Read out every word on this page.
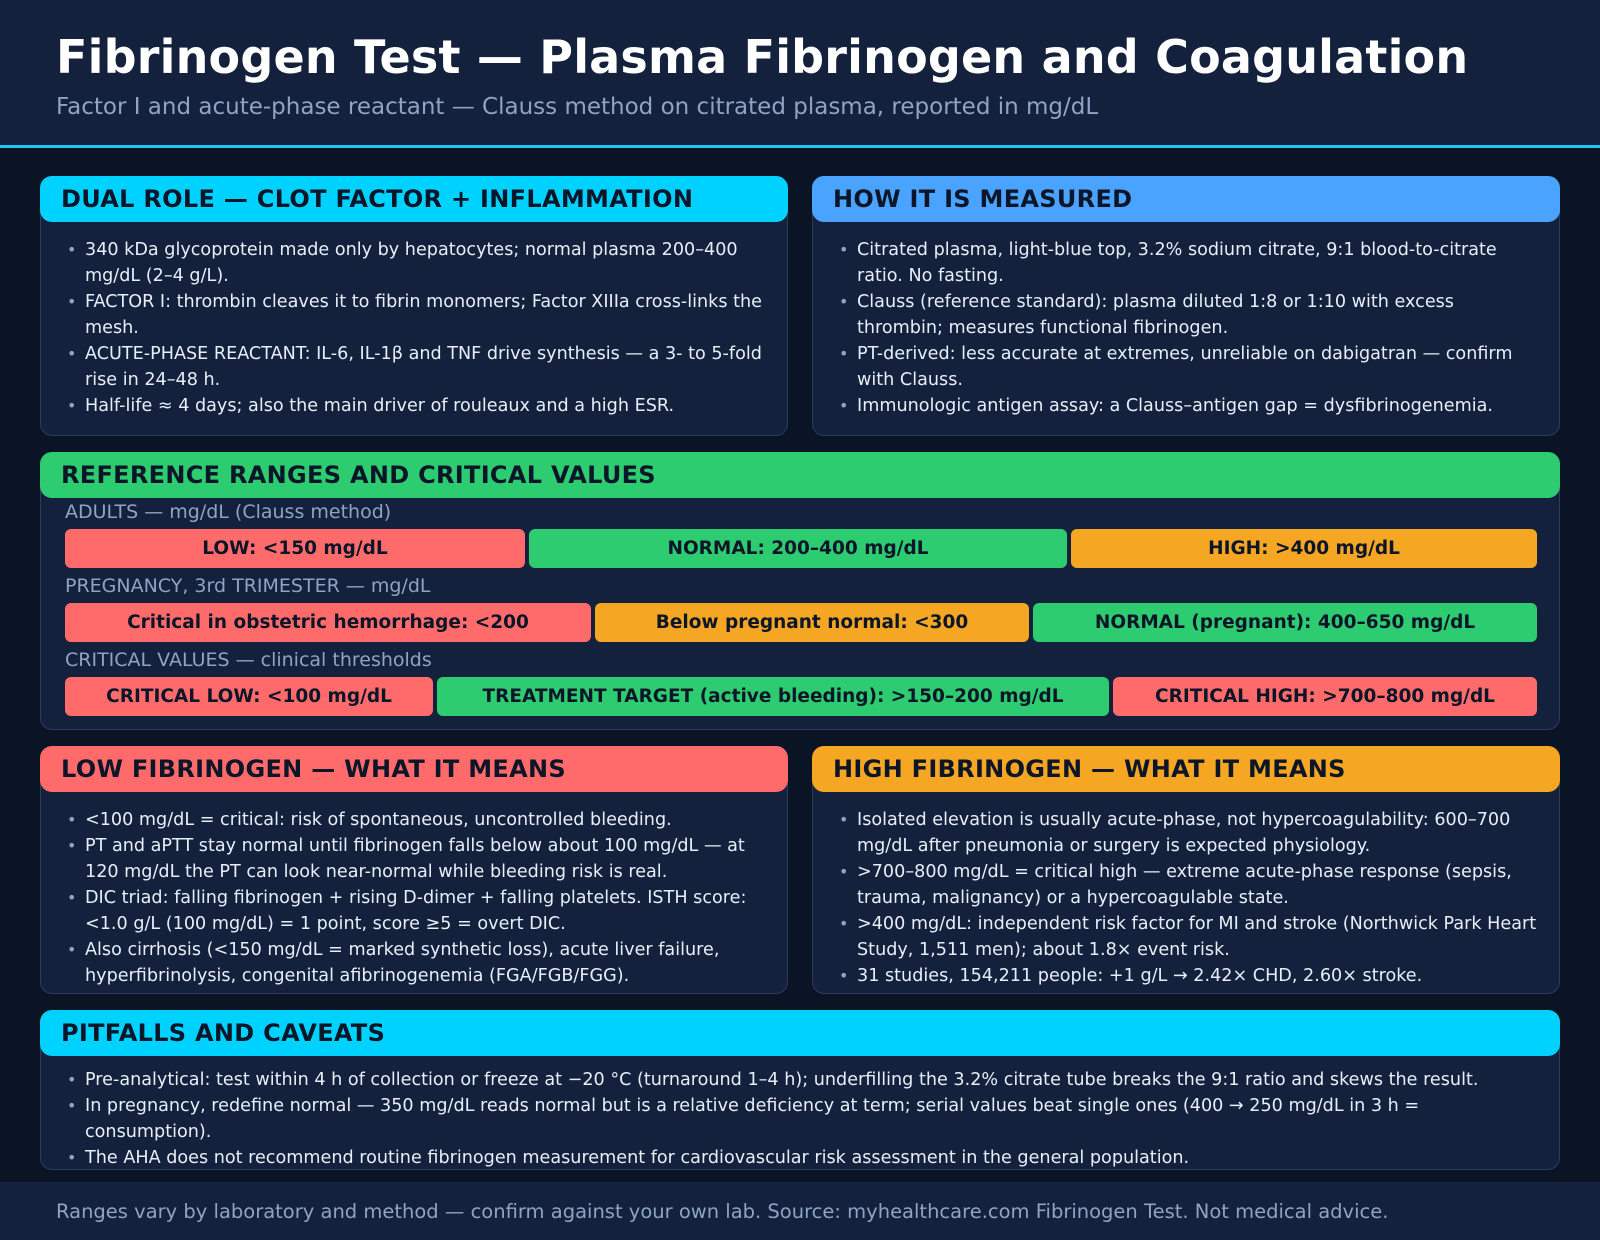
Fibrinogen Test — Plasma Fibrinogen and Coagulation
Factor I and acute-phase reactant — Clauss method on citrated plasma, reported in mg/dL
DUAL ROLE — CLOT FACTOR + INFLAMMATION
• 340 kDa glycoprotein made only by hepatocytes; normal plasma 200–400 mg/dL (2–4 g/L).
• FACTOR I: thrombin cleaves it to fibrin monomers; Factor XIIIa cross-links the mesh.
• ACUTE-PHASE REACTANT: IL-6, IL-1β and TNF drive synthesis — a 3- to 5-fold rise in 24–48 h.
• Half-life ≈ 4 days; also the main driver of rouleaux and a high ESR.
HOW IT IS MEASURED
• Citrated plasma, light-blue top, 3.2% sodium citrate, 9:1 blood-to-citrate ratio. No fasting.
• Clauss (reference standard): plasma diluted 1:8 or 1:10 with excess thrombin; measures functional fibrinogen.
• PT-derived: less accurate at extremes, unreliable on dabigatran — confirm with Clauss.
• Immunologic antigen assay: a Clauss–antigen gap = dysfibrinogenemia.
REFERENCE RANGES AND CRITICAL VALUES
ADULTS — mg/dL (Clauss method)
LOW: <150 mg/dL	NORMAL: 200–400 mg/dL	HIGH: >400 mg/dL
PREGNANCY, 3rd TRIMESTER — mg/dL
Critical in obstetric hemorrhage: <200	Below pregnant normal: <300	NORMAL (pregnant): 400–650 mg/dL
CRITICAL VALUES — clinical thresholds
CRITICAL LOW: <100 mg/dL	TREATMENT TARGET (active bleeding): >150–200 mg/dL	CRITICAL HIGH: >700–800 mg/dL
LOW FIBRINOGEN — WHAT IT MEANS
• <100 mg/dL = critical: risk of spontaneous, uncontrolled bleeding.
• PT and aPTT stay normal until fibrinogen falls below about 100 mg/dL — at 120 mg/dL the PT can look near-normal while bleeding risk is real.
• DIC triad: falling fibrinogen + rising D-dimer + falling platelets. ISTH score: <1.0 g/L (100 mg/dL) = 1 point, score ≥5 = overt DIC.
• Also cirrhosis (<150 mg/dL = marked synthetic loss), acute liver failure, hyperfibrinolysis, congenital afibrinogenemia (FGA/FGB/FGG).
HIGH FIBRINOGEN — WHAT IT MEANS
• Isolated elevation is usually acute-phase, not hypercoagulability: 600–700 mg/dL after pneumonia or surgery is expected physiology.
• >700–800 mg/dL = critical high — extreme acute-phase response (sepsis, trauma, malignancy) or a hypercoagulable state.
• >400 mg/dL: independent risk factor for MI and stroke (Northwick Park Heart Study, 1,511 men); about 1.8× event risk.
• 31 studies, 154,211 people: +1 g/L → 2.42× CHD, 2.60× stroke.
PITFALLS AND CAVEATS
• Pre-analytical: test within 4 h of collection or freeze at −20 °C (turnaround 1–4 h); underfilling the 3.2% citrate tube breaks the 9:1 ratio and skews the result.
• In pregnancy, redefine normal — 350 mg/dL reads normal but is a relative deficiency at term; serial values beat single ones (400 → 250 mg/dL in 3 h = consumption).
• The AHA does not recommend routine fibrinogen measurement for cardiovascular risk assessment in the general population.
Ranges vary by laboratory and method — confirm against your own lab. Source: myhealthcare.com Fibrinogen Test. Not medical advice.
